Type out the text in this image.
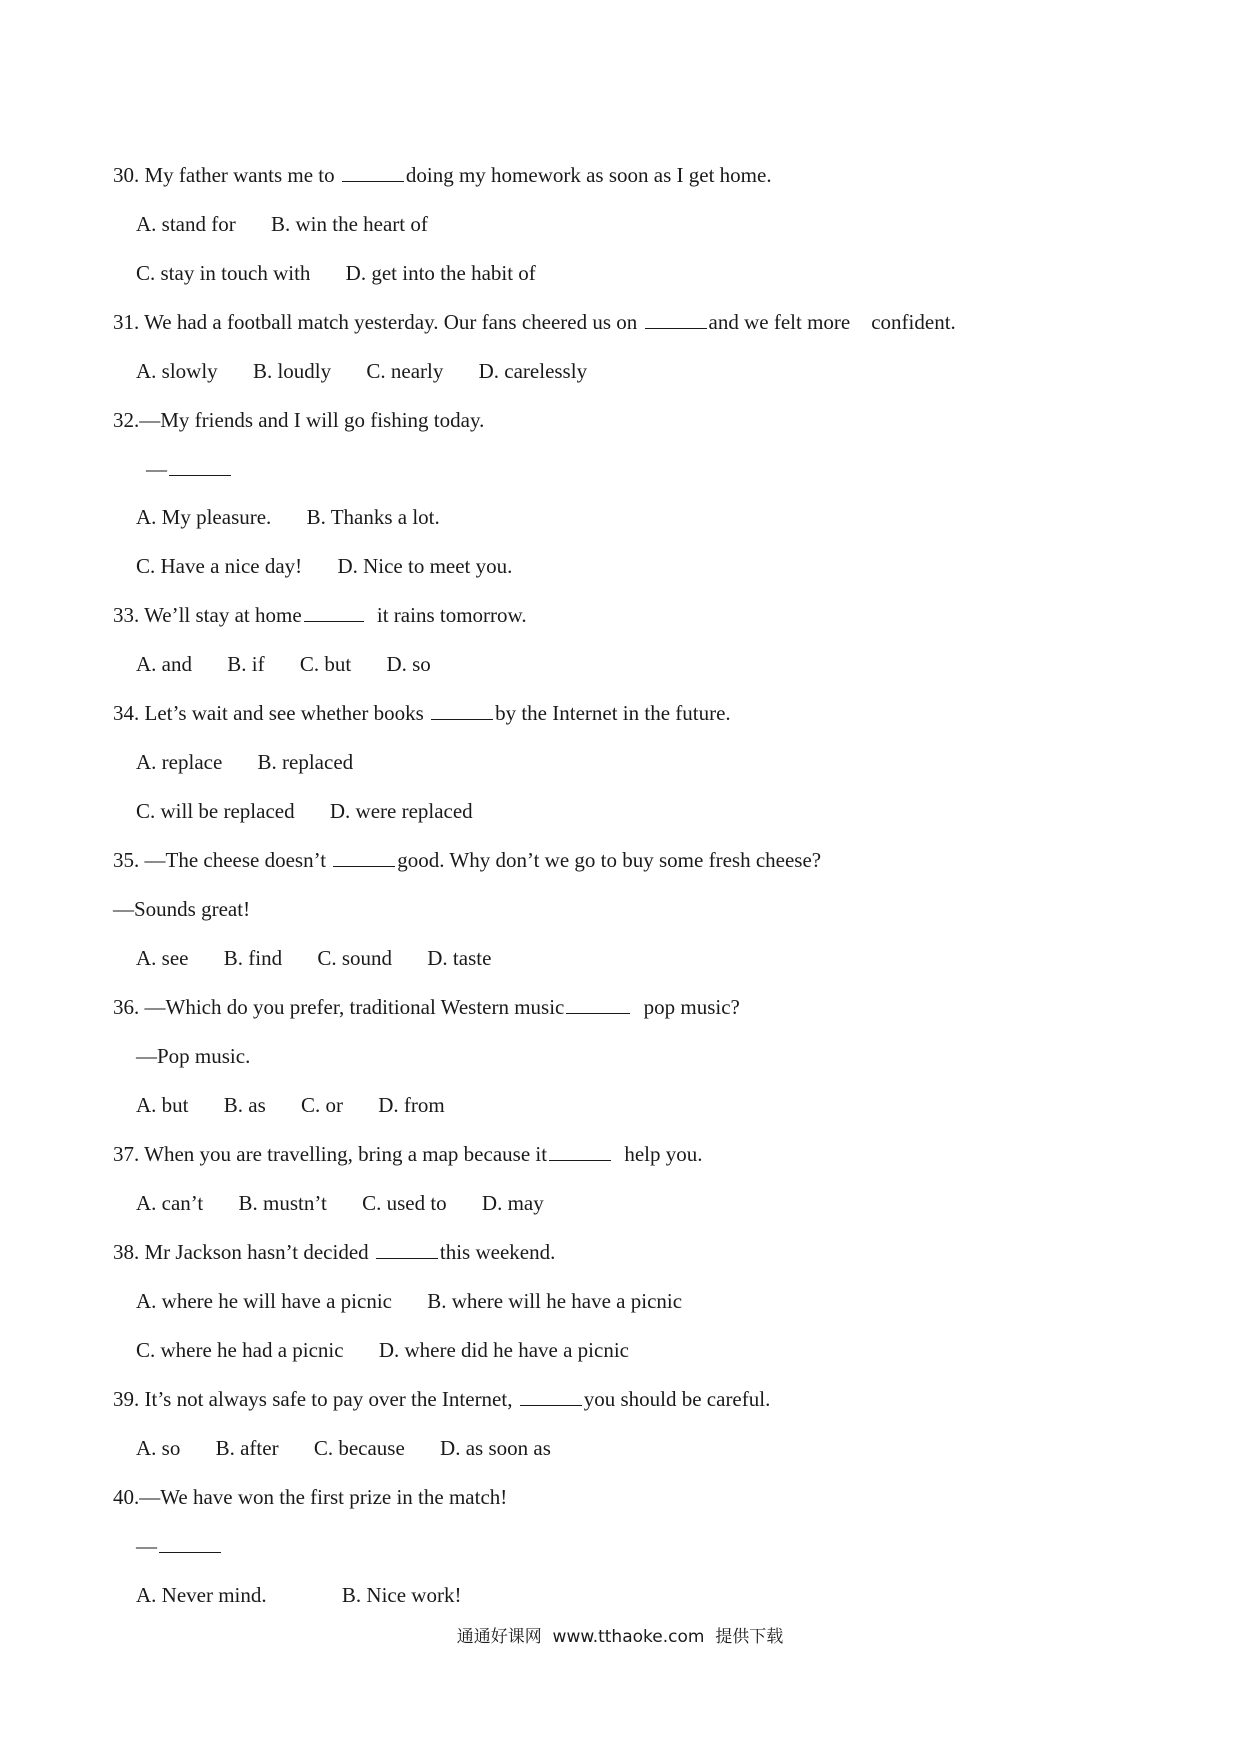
30. My father wants me to	doing my homework as soon as I get home.
A. stand for B. win the heart of
C. stay in touch with D. get into the habit of
31. We had a football match yesterday. Our fans cheered us on	and we felt more    confident.
A. slowly B. loudly C. nearly D. carelessly
32.—My friends and I will go fishing today.
—
A. My pleasure. B. Thanks a lot.
C. Have a nice day! D. Nice to meet you.
33. We’ll stay at home	it rains tomorrow.
A. and B. if C. but D. so
34. Let’s wait and see whether books	by the Internet in the future.
A. replace B. replaced
C. will be replaced D. were replaced
35. —The cheese doesn’t	good. Why don’t we go to buy some fresh cheese?
—Sounds great!
A. see B. find C. sound D. taste
36. —Which do you prefer, traditional Western music	pop music?
—Pop music.
A. but B. as C. or D. from
37. When you are travelling, bring a map because it	help you.
A. can’t B. mustn’t C. used to D. may
38. Mr Jackson hasn’t decided	this weekend.
A. where he will have a picnic B. where will he have a picnic
C. where he had a picnic D. where did he have a picnic
39. It’s not always safe to pay over the Internet,	you should be careful.
A. so B. after C. because D. as soon as
40.—We have won the first prize in the match!
—
A. Never mind.	B. Nice work!
通通好课网  www.tthaoke.com  提供下载
